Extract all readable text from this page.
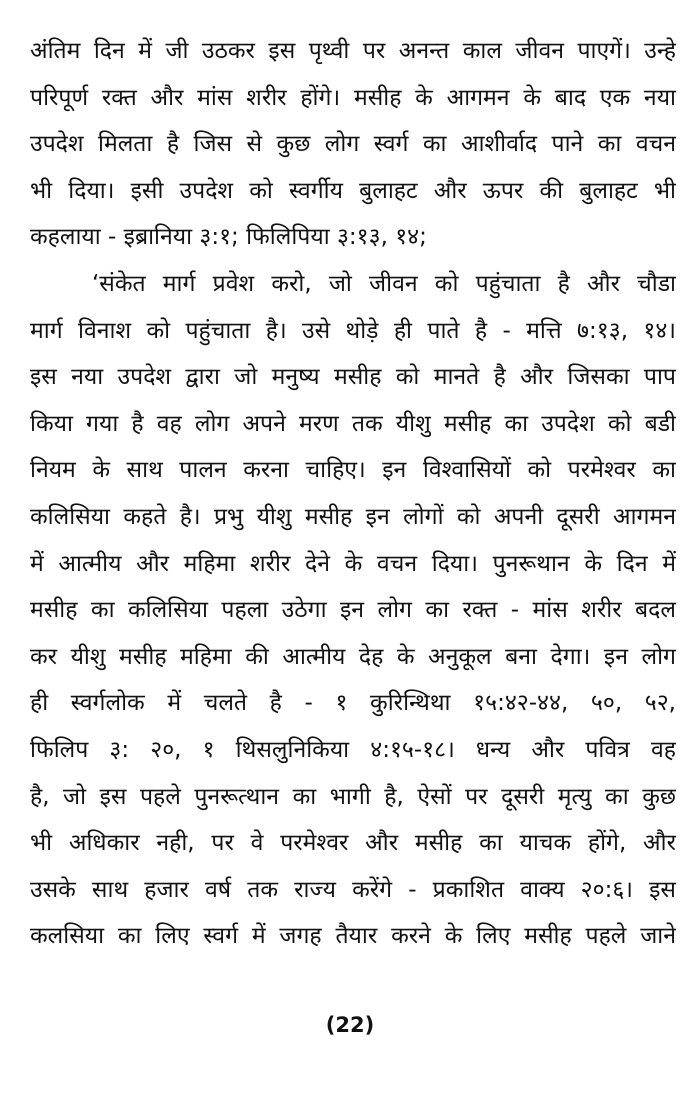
अंतिम दिन में जी उठकर इस पृथ्वी पर अनन्त काल जीवन पाएगें। उन्हे
परिपूर्ण रक्त और मांस शरीर होंगे। मसीह के आगमन के बाद एक नया
उपदेश मिलता है जिस से कुछ लोग स्वर्ग का आशीर्वाद पाने का वचन
भी दिया। इसी उपदेश को स्वर्गीय बुलाहट और ऊपर की बुलाहट भी
कहलाया - इब्रानिया ३:१; फिलिपिया ३:१३, १४;
‘संकेत मार्ग प्रवेश करो, जो जीवन को पहुंचाता है और चौडा
मार्ग विनाश को पहुंचाता है। उसे थोड़े ही पाते है - मत्ति ७:१३, १४।
इस नया उपदेश द्वारा जो मनुष्य मसीह को मानते है और जिसका पाप
किया गया है वह लोग अपने मरण तक यीशु मसीह का उपदेश को बडी
नियम के साथ पालन करना चाहिए। इन विश्वासियों को परमेश्वर का
कलिसिया कहते है। प्रभु यीशु मसीह इन लोगों को अपनी दूसरी आगमन
में आत्मीय और महिमा शरीर देने के वचन दिया। पुनरूथान के दिन में
मसीह का कलिसिया पहला उठेगा इन लोग का रक्त - मांस शरीर बदल
कर यीशु मसीह महिमा की आत्मीय देह के अनुकूल बना देगा। इन लोग
ही स्वर्गलोक में चलते है - १ कुरिन्थिथा १५:४२-४४, ५०, ५२,
फिलिप ३: २०, १ थिसलुनिकिया ४:१५-१८। धन्य और पवित्र वह
है, जो इस पहले पुनरूत्थान का भागी है, ऐसों पर दूसरी मृत्यु का कुछ
भी अधिकार नही, पर वे परमेश्वर और मसीह का याचक होंगे, और
उसके साथ हजार वर्ष तक राज्य करेंगे - प्रकाशित वाक्य २०:६। इस
कलसिया का लिए स्वर्ग में जगह तैयार करने के लिए मसीह पहले जाने
(22)
